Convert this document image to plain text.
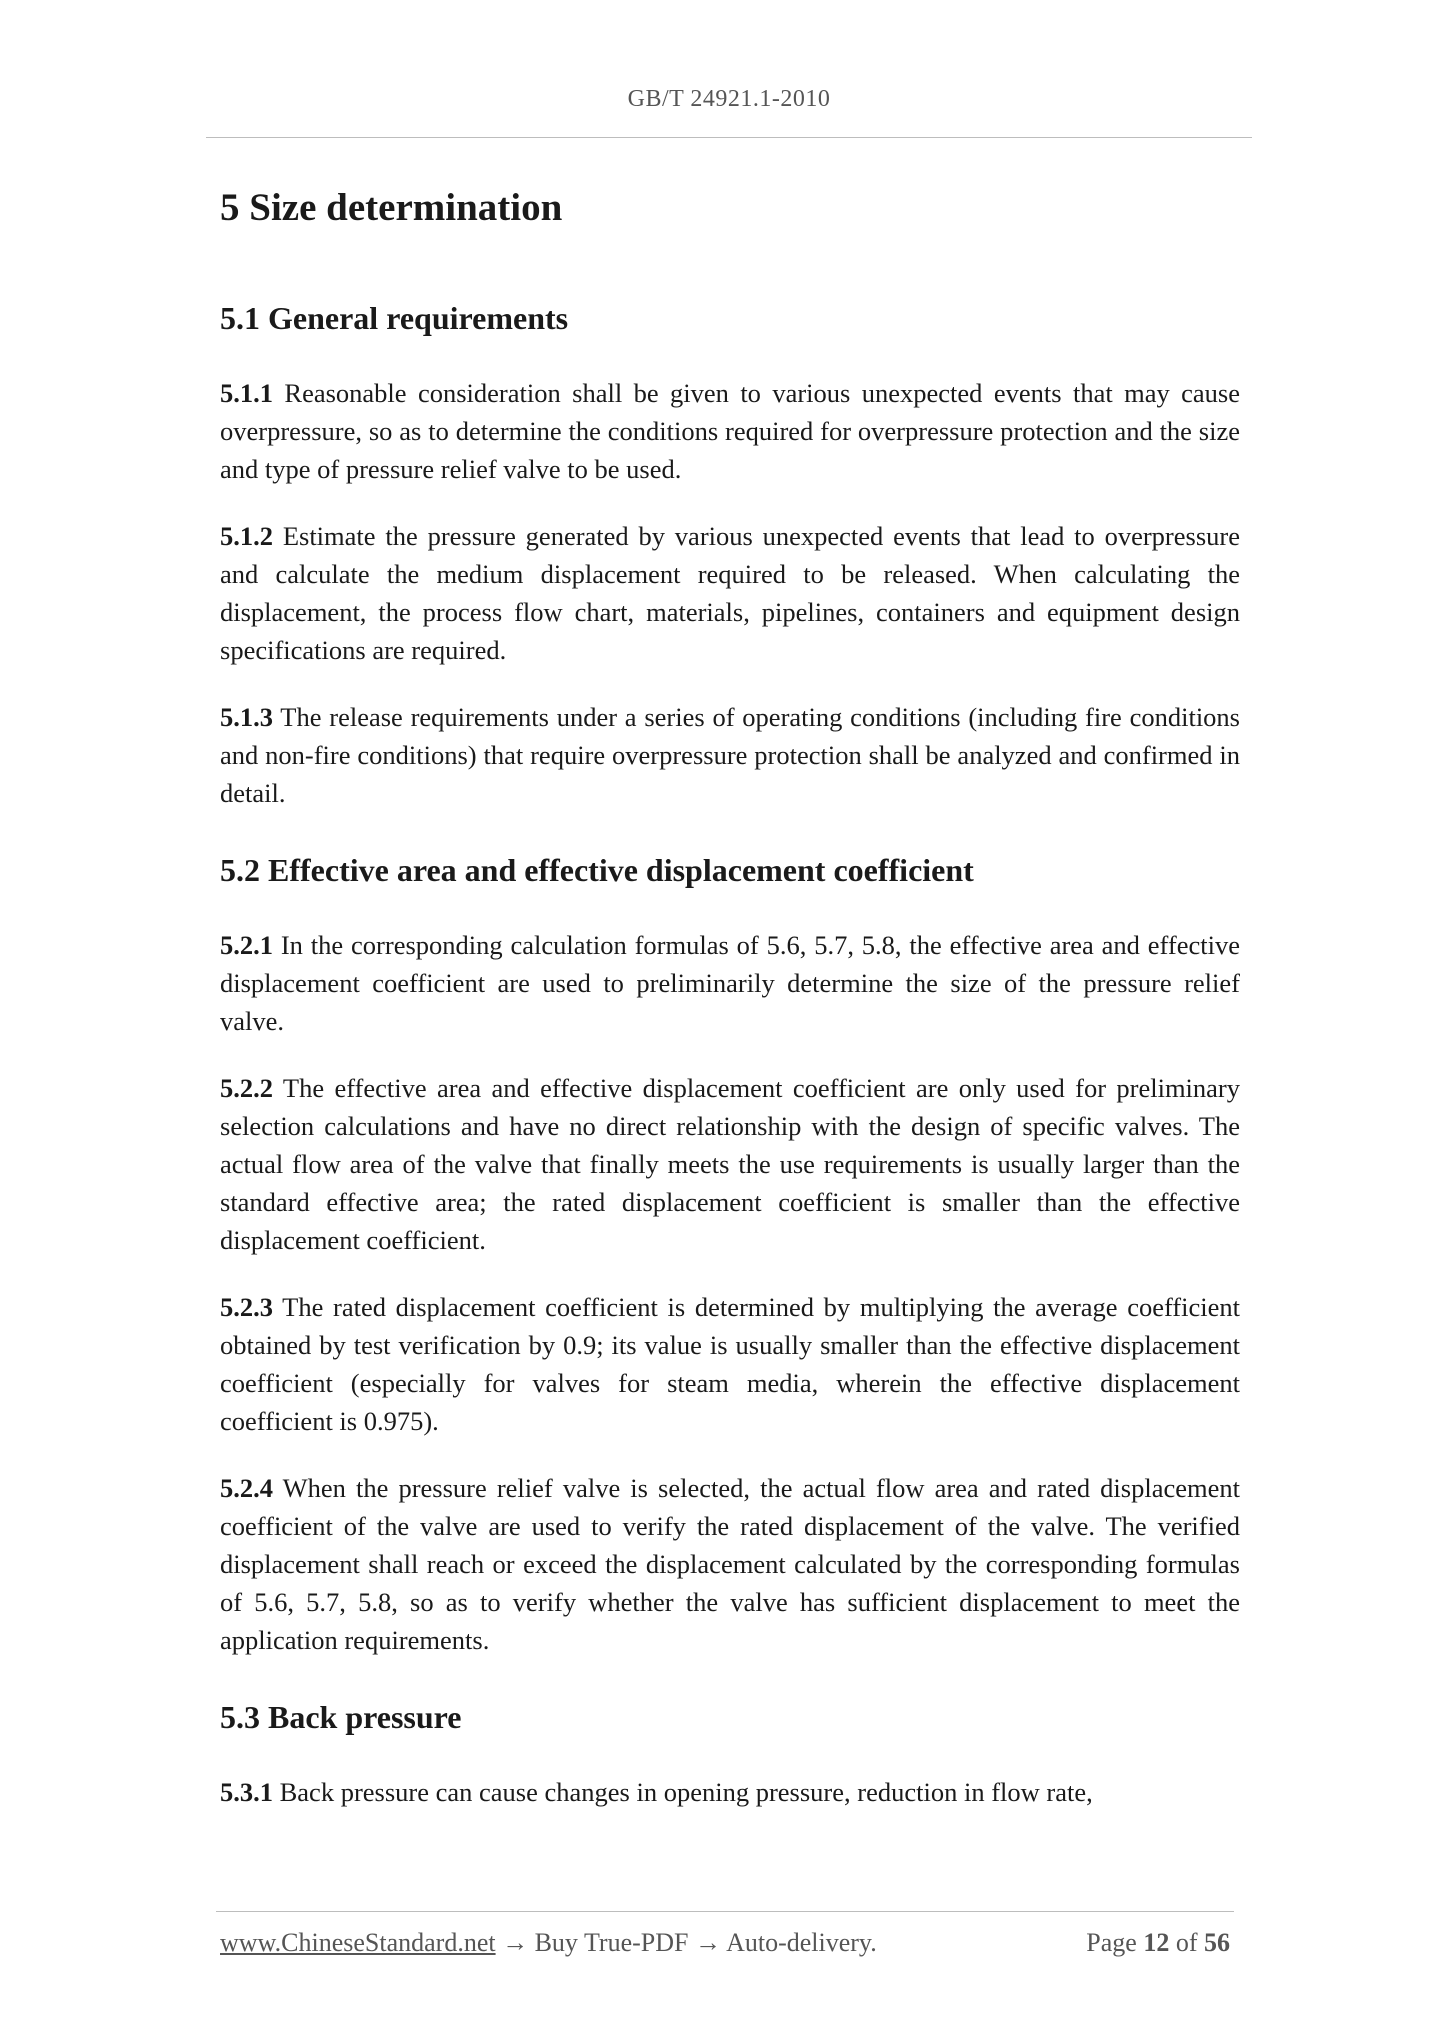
GB/T 24921.1-2010
5 Size determination
5.1 General requirements

5.1.1 Reasonable consideration shall be given to various unexpected events that may cause overpressure, so as to determine the conditions required for overpressure protection and the size and type of pressure relief valve to be used.

5.1.2 Estimate the pressure generated by various unexpected events that lead to overpressure and calculate the medium displacement required to be released. When calculating the displacement, the process flow chart, materials, pipelines, containers and equipment design specifications are required.

5.1.3 The release requirements under a series of operating conditions (including fire conditions and non-fire conditions) that require overpressure protection shall be analyzed and confirmed in detail.

5.2 Effective area and effective displacement coefficient

5.2.1 In the corresponding calculation formulas of 5.6, 5.7, 5.8, the effective area and effective displacement coefficient are used to preliminarily determine the size of the pressure relief valve.

5.2.2 The effective area and effective displacement coefficient are only used for preliminary selection calculations and have no direct relationship with the design of specific valves. The actual flow area of the valve that finally meets the use requirements is usually larger than the standard effective area; the rated displacement coefficient is smaller than the effective displacement coefficient.

5.2.3 The rated displacement coefficient is determined by multiplying the average coefficient obtained by test verification by 0.9; its value is usually smaller than the effective displacement coefficient (especially for valves for steam media, wherein the effective displacement coefficient is 0.975).

5.2.4 When the pressure relief valve is selected, the actual flow area and rated displacement coefficient of the valve are used to verify the rated displacement of the valve. The verified displacement shall reach or exceed the displacement calculated by the corresponding formulas of 5.6, 5.7, 5.8, so as to verify whether the valve has sufficient displacement to meet the application requirements.

5.3 Back pressure

5.3.1 Back pressure can cause changes in opening pressure, reduction in flow rate,

www.ChineseStandard.net → Buy True-PDF → Auto-delivery.	Page 12 of 56
